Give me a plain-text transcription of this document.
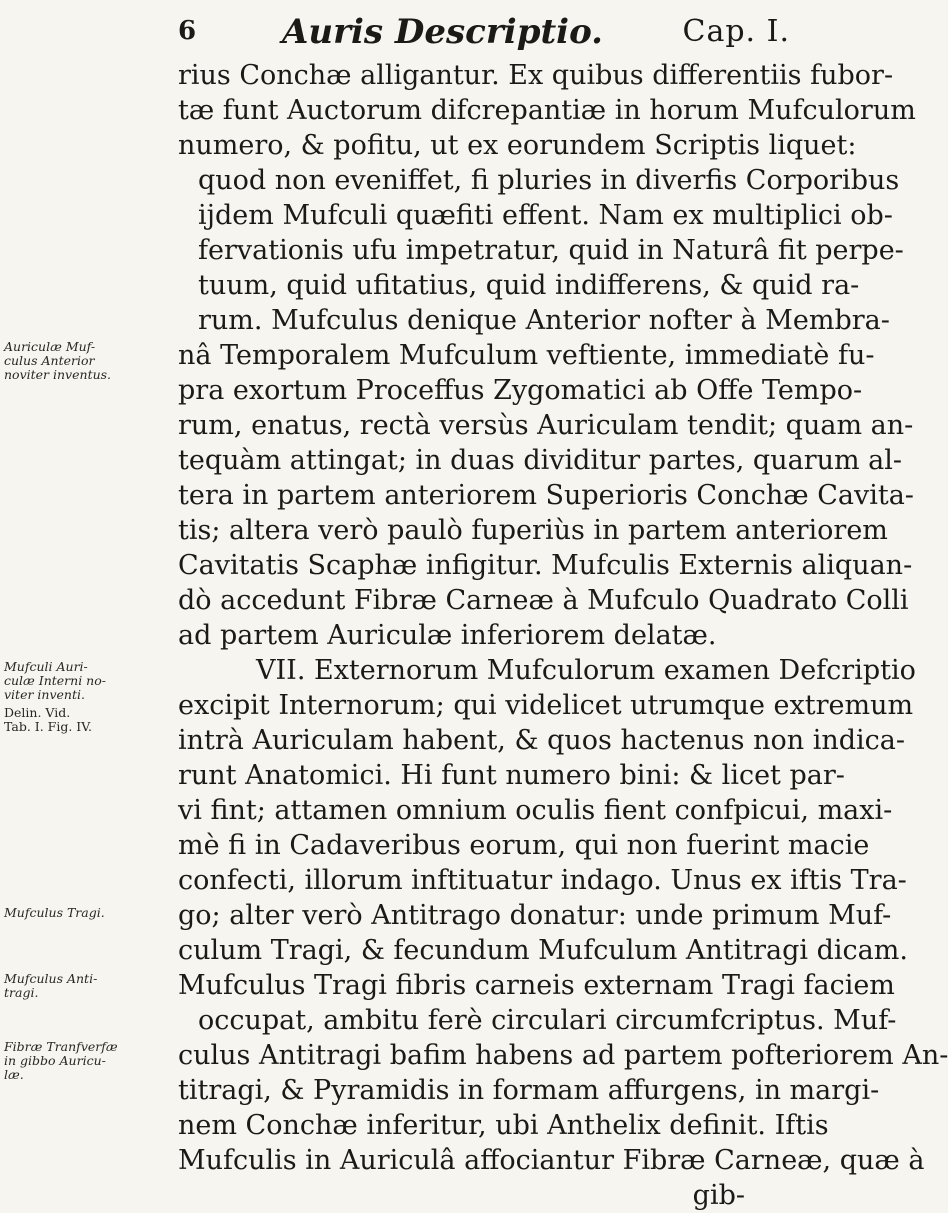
6	Auris Descriptio.	Cap. I.
rius Conchæ alligantur. Ex quibus differentiis fubor-
tæ funt Auctorum difcrepantiæ in horum Mufculorum
numero, & pofitu, ut ex eorundem Scriptis liquet:
quod non eveniffet, fi pluries in diverfis Corporibus
ijdem Mufculi quæfiti effent. Nam ex multiplici ob-
fervationis ufu impetratur, quid in Naturâ fit perpe-
tuum, quid ufitatius, quid indifferens, & quid ra-
rum. Mufculus denique Anterior nofter à Membra-
nâ Temporalem Mufculum veftiente, immediatè fu-
pra exortum Proceffus Zygomatici ab Offe Tempo-
rum, enatus, rectà versùs Auriculam tendit; quam an-
tequàm attingat; in duas dividitur partes, quarum al-
tera in partem anteriorem Superioris Conchæ Cavita-
tis; altera verò paulò fuperiùs in partem anteriorem
Cavitatis Scaphæ infigitur. Mufculis Externis aliquan-
dò accedunt Fibræ Carneæ à Mufculo Quadrato Colli
ad partem Auriculæ inferiorem delatæ.
VII. Externorum Mufculorum examen Defcriptio
excipit Internorum; qui videlicet utrumque extremum
intrà Auriculam habent, & quos hactenus non indica-
runt Anatomici. Hi funt numero bini: & licet par-
vi fint; attamen omnium oculis fient confpicui, maxi-
mè fi in Cadaveribus eorum, qui non fuerint macie
confecti, illorum inftituatur indago. Unus ex iftis Tra-
go; alter verò Antitrago donatur: unde primum Muf-
culum Tragi, & fecundum Mufculum Antitragi dicam.
Mufculus Tragi fibris carneis externam Tragi faciem
occupat, ambitu ferè circulari circumfcriptus. Muf-
culus Antitragi bafim habens ad partem pofteriorem An-
titragi, & Pyramidis in formam affurgens, in margi-
nem Conchæ inferitur, ubi Anthelix definit. Iftis
Mufculis in Auriculâ affociantur Fibræ Carneæ, quæ à
gib-
Auriculæ Muf-
culus Anterior
noviter inventus.
Mufculi Auri-
culæ Interni no-
viter inventi.
Delin. Vid.
Tab. I. Fig. IV.
Mufculus Tragi.
Mufculus Anti-
tragi.
Fibræ Tranfverfæ
in gibbo Auricu-
læ.
